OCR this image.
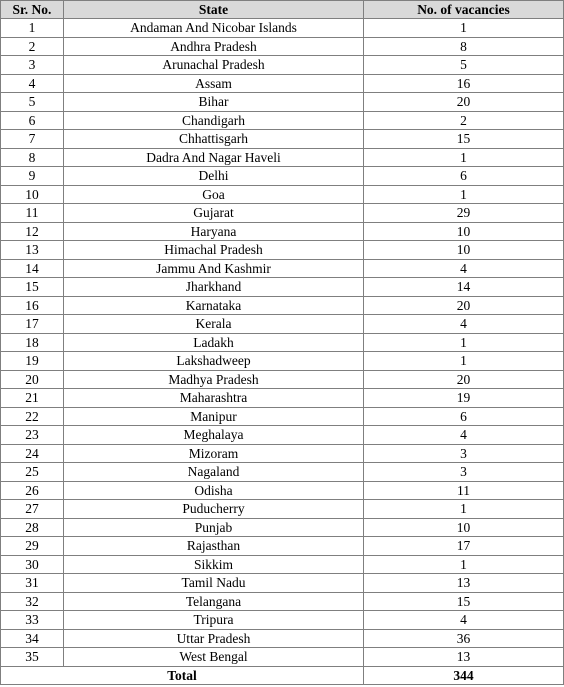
Sr. No.	State	No. of vacancies
1	Andaman And Nicobar Islands	1
2	Andhra Pradesh	8
3	Arunachal Pradesh	5
4	Assam	16
5	Bihar	20
6	Chandigarh	2
7	Chhattisgarh	15
8	Dadra And Nagar Haveli	1
9	Delhi	6
10	Goa	1
11	Gujarat	29
12	Haryana	10
13	Himachal Pradesh	10
14	Jammu And Kashmir	4
15	Jharkhand	14
16	Karnataka	20
17	Kerala	4
18	Ladakh	1
19	Lakshadweep	1
20	Madhya Pradesh	20
21	Maharashtra	19
22	Manipur	6
23	Meghalaya	4
24	Mizoram	3
25	Nagaland	3
26	Odisha	11
27	Puducherry	1
28	Punjab	10
29	Rajasthan	17
30	Sikkim	1
31	Tamil Nadu	13
32	Telangana	15
33	Tripura	4
34	Uttar Pradesh	36
35	West Bengal	13
Total		344
